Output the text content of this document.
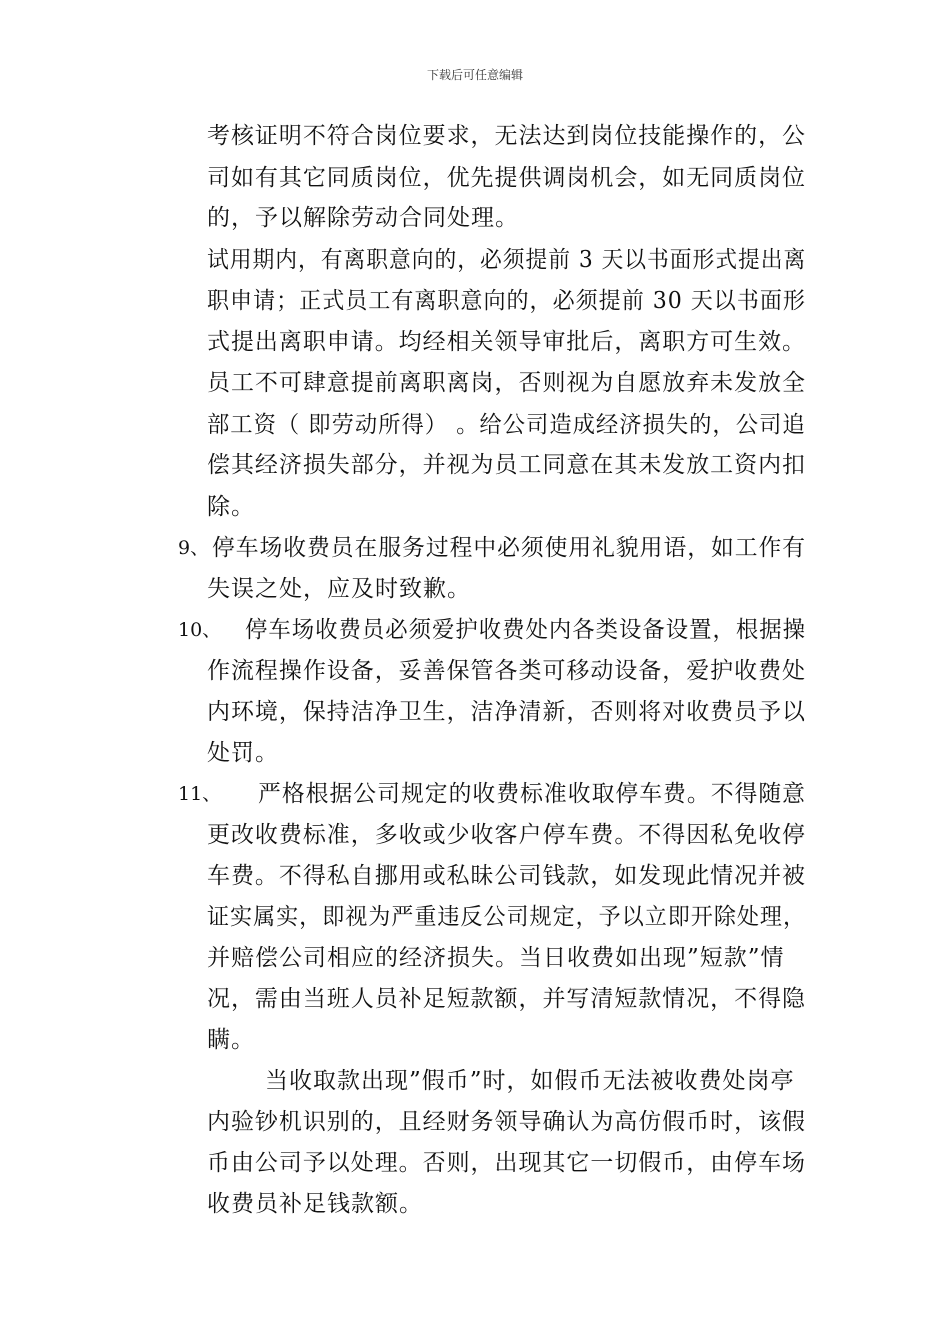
下载后可任意编辑
考核证明不符合岗位要求，无法达到岗位技能操作的，公
司如有其它同质岗位，优先提供调岗机会，如无同质岗位
的，予以解除劳动合同处理。
试用期内，有离职意向的，必须提前 3 天以书面形式提出离
职申请；正式员工有离职意向的，必须提前 30 天以书面形
式提出离职申请。均经相关领导审批后，离职方可生效。
员工不可肆意提前离职离岗，否则视为自愿放弃未发放全
部工资（ 即劳动所得） 。给公司造成经济损失的，公司追
偿其经济损失部分，并视为员工同意在其未发放工资内扣
除。
9、 停车场收费员在服务过程中必须使用礼貌用语，如工作有
失误之处，应及时致歉。
10、 停车场收费员必须爱护收费处内各类设备设置，根据操
作流程操作设备，妥善保管各类可移动设备，爱护收费处
内环境，保持洁净卫生，洁净清新，否则将对收费员予以
处罚。
11、 严格根据公司规定的收费标准收取停车费。不得随意
更改收费标准，多收或少收客户停车费。不得因私免收停
车费。不得私自挪用或私昧公司钱款，如发现此情况并被
证实属实，即视为严重违反公司规定，予以立即开除处理，
并赔偿公司相应的经济损失。当日收费如出现”短款”情
况，需由当班人员补足短款额，并写清短款情况，不得隐
瞒。
当收取款出现”假币”时，如假币无法被收费处岗亭
内验钞机识别的，且经财务领导确认为高仿假币时，该假
币由公司予以处理。否则，出现其它一切假币，由停车场
收费员补足钱款额。
